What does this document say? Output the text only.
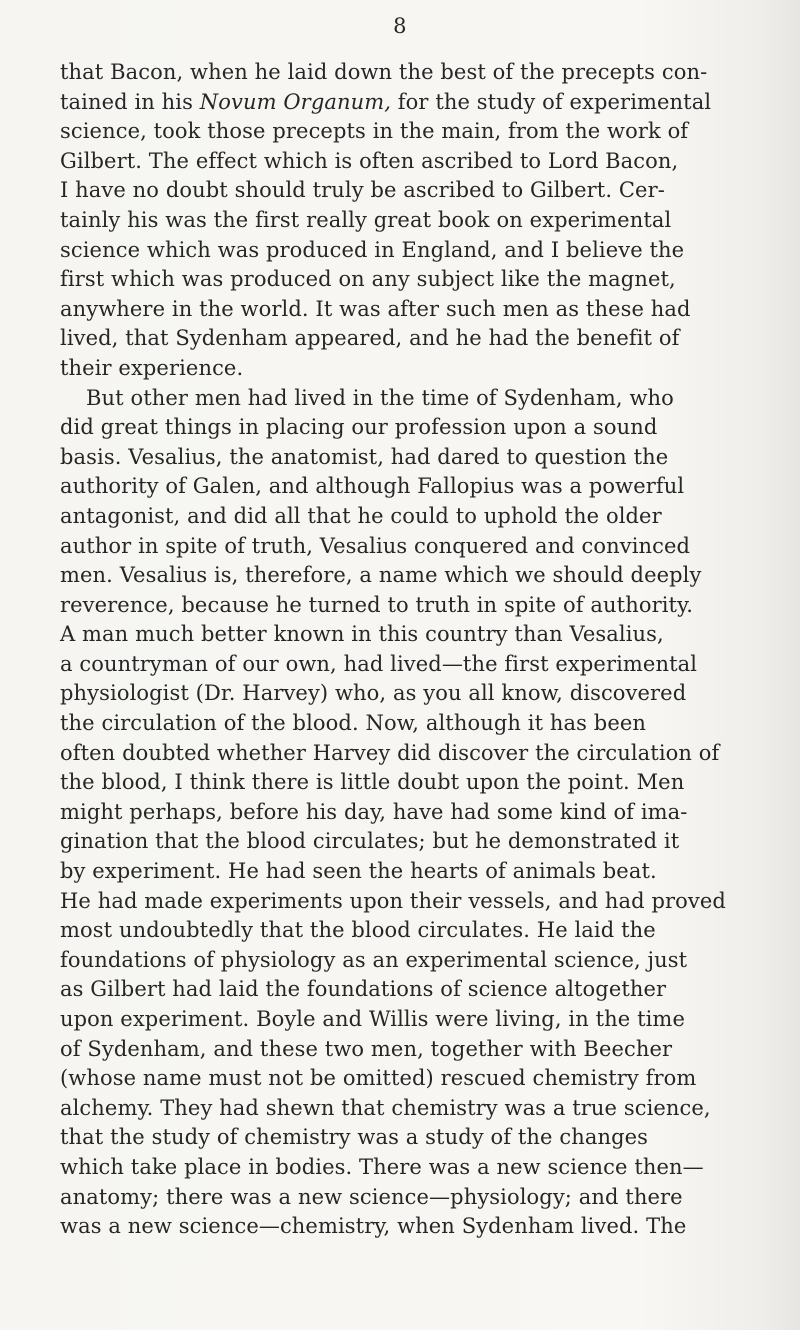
8
that Bacon, when he laid down the best of the precepts con-
tained in his Novum Organum, for the study of experimental
science, took those precepts in the main, from the work of
Gilbert. The effect which is often ascribed to Lord Bacon,
I have no doubt should truly be ascribed to Gilbert. Cer-
tainly his was the first really great book on experimental
science which was produced in England, and I believe the
first which was produced on any subject like the magnet,
anywhere in the world. It was after such men as these had
lived, that Sydenham appeared, and he had the benefit of
their experience.
But other men had lived in the time of Sydenham, who
did great things in placing our profession upon a sound
basis. Vesalius, the anatomist, had dared to question the
authority of Galen, and although Fallopius was a powerful
antagonist, and did all that he could to uphold the older
author in spite of truth, Vesalius conquered and convinced
men. Vesalius is, therefore, a name which we should deeply
reverence, because he turned to truth in spite of authority.
A man much better known in this country than Vesalius,
a countryman of our own, had lived—the first experimental
physiologist (Dr. Harvey) who, as you all know, discovered
the circulation of the blood. Now, although it has been
often doubted whether Harvey did discover the circulation of
the blood, I think there is little doubt upon the point. Men
might perhaps, before his day, have had some kind of ima-
gination that the blood circulates; but he demonstrated it
by experiment. He had seen the hearts of animals beat.
He had made experiments upon their vessels, and had proved
most undoubtedly that the blood circulates. He laid the
foundations of physiology as an experimental science, just
as Gilbert had laid the foundations of science altogether
upon experiment. Boyle and Willis were living, in the time
of Sydenham, and these two men, together with Beecher
(whose name must not be omitted) rescued chemistry from
alchemy. They had shewn that chemistry was a true science,
that the study of chemistry was a study of the changes
which take place in bodies. There was a new science then—
anatomy; there was a new science—physiology; and there
was a new science—chemistry, when Sydenham lived. The
